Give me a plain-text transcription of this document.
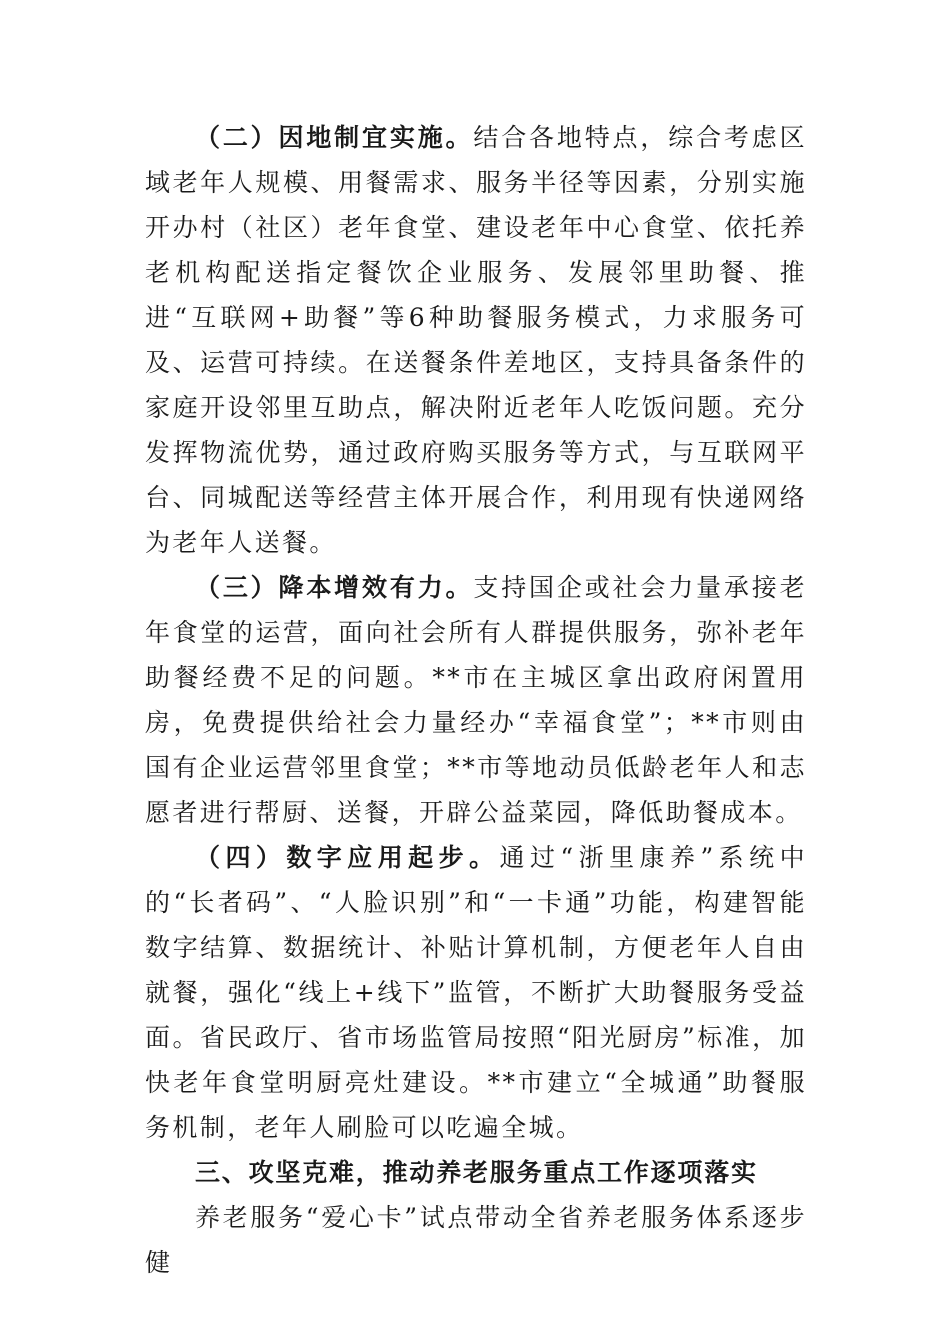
（二）因地制宜实施。结合各地特点，综合考虑区域老年人规模、用餐需求、服务半径等因素，分别实施开办村（社区）老年食堂、建设老年中心食堂、依托养老机构配送指定餐饮企业服务、发展邻里助餐、推进“互联网+助餐”等6种助餐服务模式，力求服务可及、运营可持续。在送餐条件差地区，支持具备条件的家庭开设邻里互助点，解决附近老年人吃饭问题。充分发挥物流优势，通过政府购买服务等方式，与互联网平台、同城配送等经营主体开展合作，利用现有快递网络为老年人送餐。

（三）降本增效有力。支持国企或社会力量承接老年食堂的运营，面向社会所有人群提供服务，弥补老年助餐经费不足的问题。**市在主城区拿出政府闲置用房，免费提供给社会力量经办“幸福食堂”；**市则由国有企业运营邻里食堂；**市等地动员低龄老年人和志愿者进行帮厨、送餐，开辟公益菜园，降低助餐成本。

（四）数字应用起步。通过“浙里康养”系统中的“长者码”、“人脸识别”和“一卡通”功能，构建智能数字结算、数据统计、补贴计算机制，方便老年人自由就餐，强化“线上+线下”监管，不断扩大助餐服务受益面。省民政厅、省市场监管局按照“阳光厨房”标准，加快老年食堂明厨亮灶建设。**市建立“全城通”助餐服务机制，老年人刷脸可以吃遍全城。

三、攻坚克难，推动养老服务重点工作逐项落实

养老服务“爱心卡”试点带动全省养老服务体系逐步健
